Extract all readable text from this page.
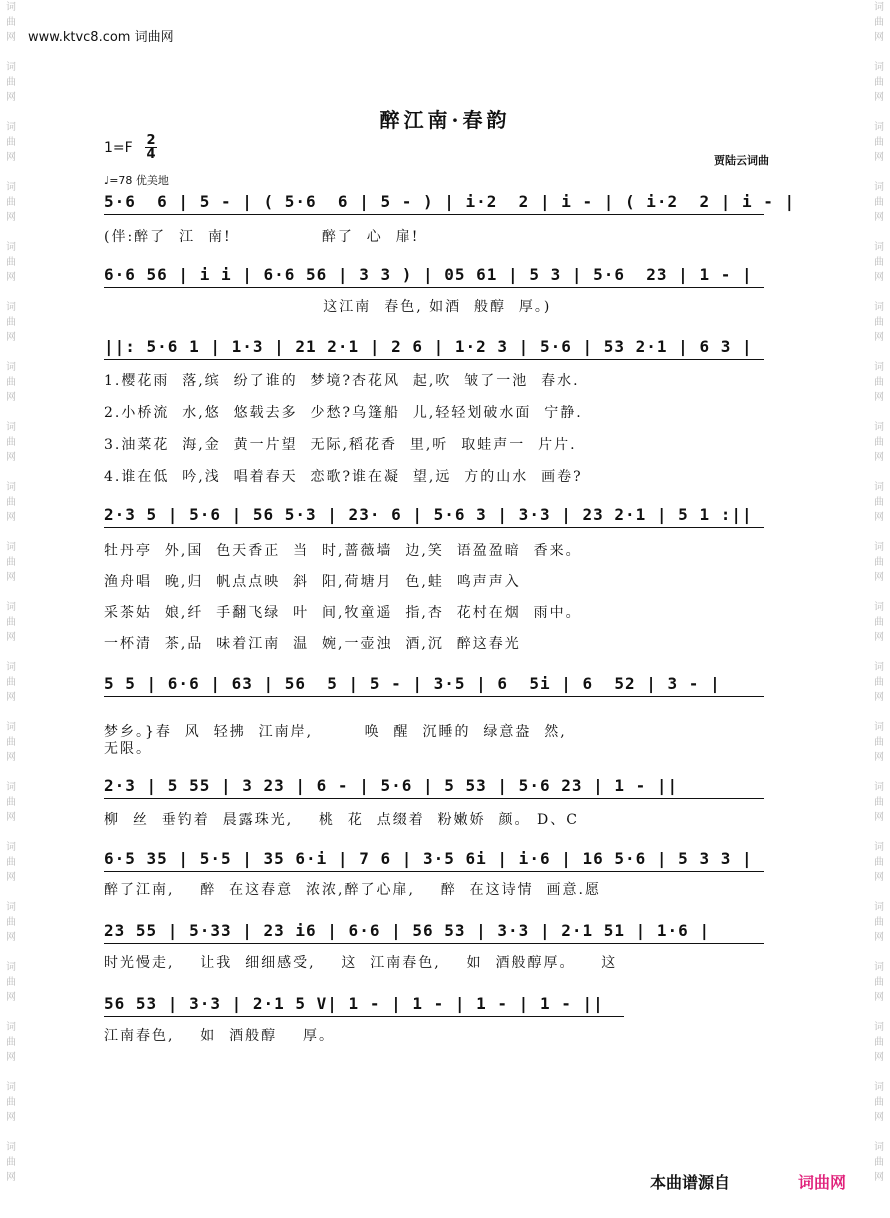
词
曲
网
词
曲
网
词
曲
网
词
曲
网
词
曲
网
词
曲
网
词
曲
网
词
曲
网
词
曲
网
词
曲
网
词
曲
网
词
曲
网
词
曲
网
词
曲
网
词
曲
网
词
曲
网
词
曲
网
词
曲
网
词
曲
网
词
曲
网
词
曲
网
词
曲
网
词
曲
网
词
曲
网
词
曲
网
词
曲
网
词
曲
网
词
曲
网
词
曲
网
词
曲
网
词
曲
网
词
曲
网
词
曲
网
词
曲
网
词
曲
网
词
曲
网
词
曲
网
词
曲
网
词
曲
网
词
曲
网
www.ktvc8.com 词曲网
醉江南·春韵
1=F 2
4	贾陆云词曲
♩=78 优美地
5·6  6 | 5 - | ( 5·6  6 | 5 - ) | i·2  2 | i - | ( i·2  2 | i - |
(伴:醉了  江  南!              醉了  心  扉!
6·6 56 | i i | 6·6 56 | 3 3 ) | 05 61 | 5 3 | 5·6  23 | 1 - |
这江南  春色, 如酒  般醇  厚。)
||: 5·6 1 | 1·3 | 21 2·1 | 2 6 | 1·2 3 | 5·6 | 53 2·1 | 6 3 |
1.樱花雨  落,缤  纷了谁的  梦境?杏花风  起,吹  皱了一池  春水.
2.小桥流  水,悠  悠载去多  少愁?乌篷船  儿,轻轻划破水面  宁静.
3.油菜花  海,金  黄一片望  无际,稻花香  里,听  取蛙声一  片片.
4.谁在低  吟,浅  唱着春天  恋歌?谁在凝  望,远  方的山水  画卷?
2·3 5 | 5·6 | 56 5·3 | 23· 6 | 5·6 3 | 3·3 | 23 2·1 | 5 1 :||
牡丹亭  外,国  色天香正  当  时,蔷薇墙  边,笑  语盈盈暗  香来。
渔舟唱  晚,归  帆点点映  斜  阳,荷塘月  色,蛙  鸣声声入
采茶姑  娘,纤  手翻飞绿  叶  间,牧童遥  指,杏  花村在烟  雨中。
一杯清  茶,品  味着江南  温  婉,一壶浊  酒,沉  醉这春光
5 5 | 6·6 | 63 | 56  5 | 5 - | 3·5 | 6  5i | 6  52 | 3 - |
梦乡。}春  风  轻拂  江南岸,        唤  醒  沉睡的  绿意盎  然,
无限。
2·3 | 5 55 | 3 23 | 6 - | 5·6 | 5 53 | 5·6 23 | 1 - ||
柳  丝  垂钓着  晨露珠光,    桃  花  点缀着  粉嫩娇  颜。 D、C
6·5 35 | 5·5 | 35 6·i | 7 6 | 3·5 6i | i·6 | 16 5·6 | 5 3 3 |
醉了江南,    醉  在这春意  浓浓,醉了心扉,    醉  在这诗情  画意.愿
23 55 | 5·33 | 23 i6 | 6·6 | 56 53 | 3·3 | 2·1 51 | 1·6 |
时光慢走,    让我  细细感受,    这  江南春色,    如  酒般醇厚。    这
56 53 | 3·3 | 2·1 5 V| 1 - | 1 - | 1 - | 1 - ||
江南春色,    如  酒般醇    厚。
本曲谱源自	词曲网
